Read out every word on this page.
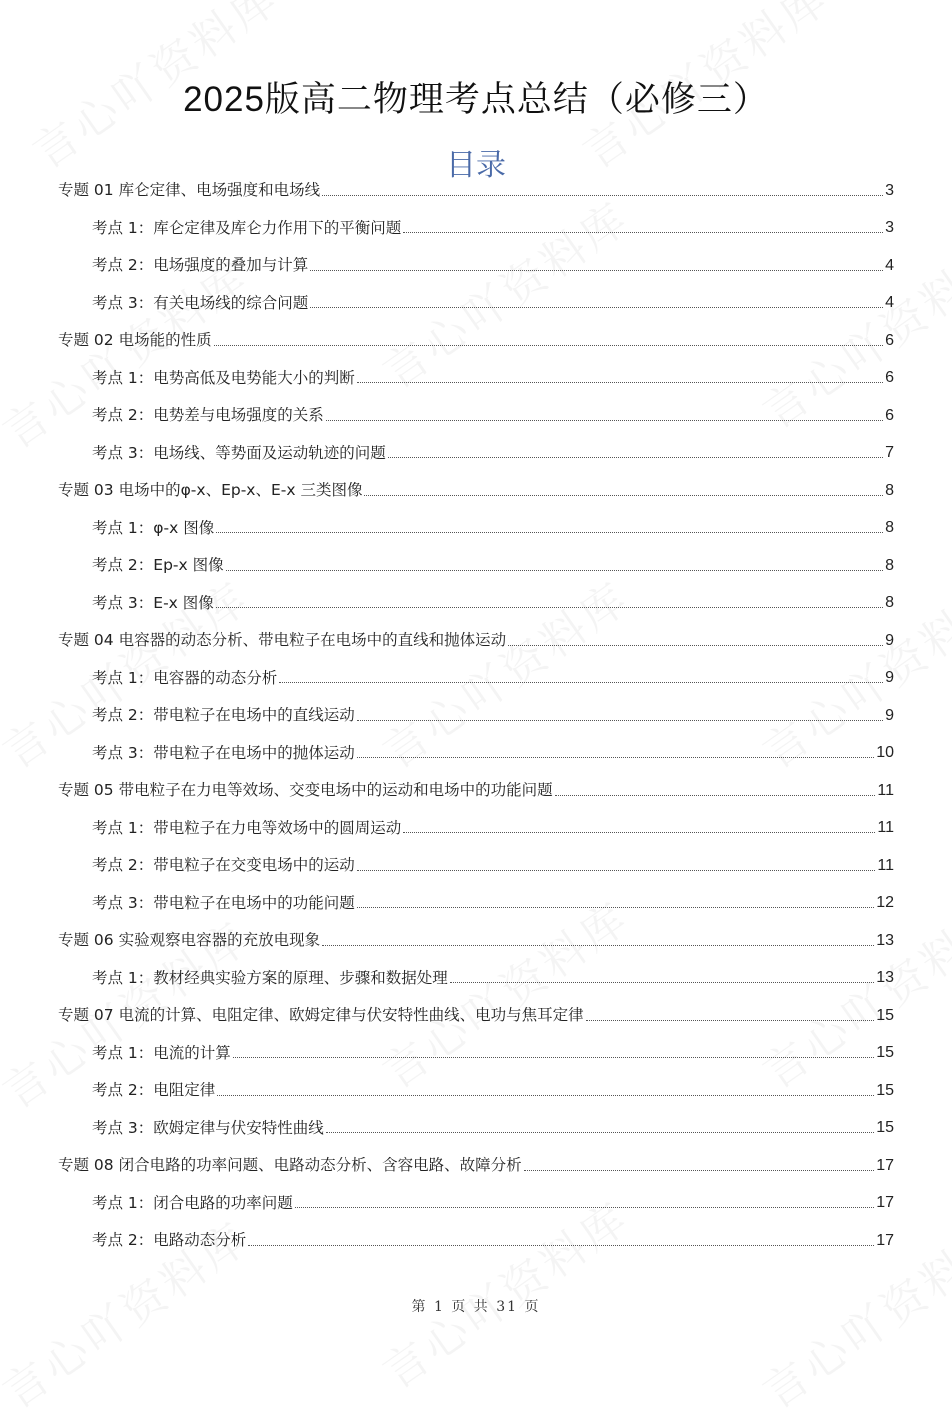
2025版高二物理考点总结（必修三）
目录
专题 01 库仑定律、电场强度和电场线	3
考点 1：库仑定律及库仑力作用下的平衡问题	3
考点 2：电场强度的叠加与计算	4
考点 3：有关电场线的综合问题	4
专题 02 电场能的性质	6
考点 1：电势高低及电势能大小的判断	6
考点 2：电势差与电场强度的关系	6
考点 3：电场线、等势面及运动轨迹的问题	7
专题 03 电场中的φ-x、Ep-x、E-x 三类图像	8
考点 1：φ-x 图像	8
考点 2：Ep-x 图像	8
考点 3：E-x 图像	8
专题 04 电容器的动态分析、带电粒子在电场中的直线和抛体运动	9
考点 1：电容器的动态分析	9
考点 2：带电粒子在电场中的直线运动	9
考点 3：带电粒子在电场中的抛体运动	10
专题 05 带电粒子在力电等效场、交变电场中的运动和电场中的功能问题	11
考点 1：带电粒子在力电等效场中的圆周运动	11
考点 2：带电粒子在交变电场中的运动	11
考点 3：带电粒子在电场中的功能问题	12
专题 06 实验观察电容器的充放电现象	13
考点 1：教材经典实验方案的原理、步骤和数据处理	13
专题 07 电流的计算、电阻定律、欧姆定律与伏安特性曲线、电功与焦耳定律	15
考点 1：电流的计算	15
考点 2：电阻定律	15
考点 3：欧姆定律与伏安特性曲线	15
专题 08 闭合电路的功率问题、电路动态分析、含容电路、故障分析	17
考点 1：闭合电路的功率问题	17
考点 2：电路动态分析	17
第 1 页 共 31 页
